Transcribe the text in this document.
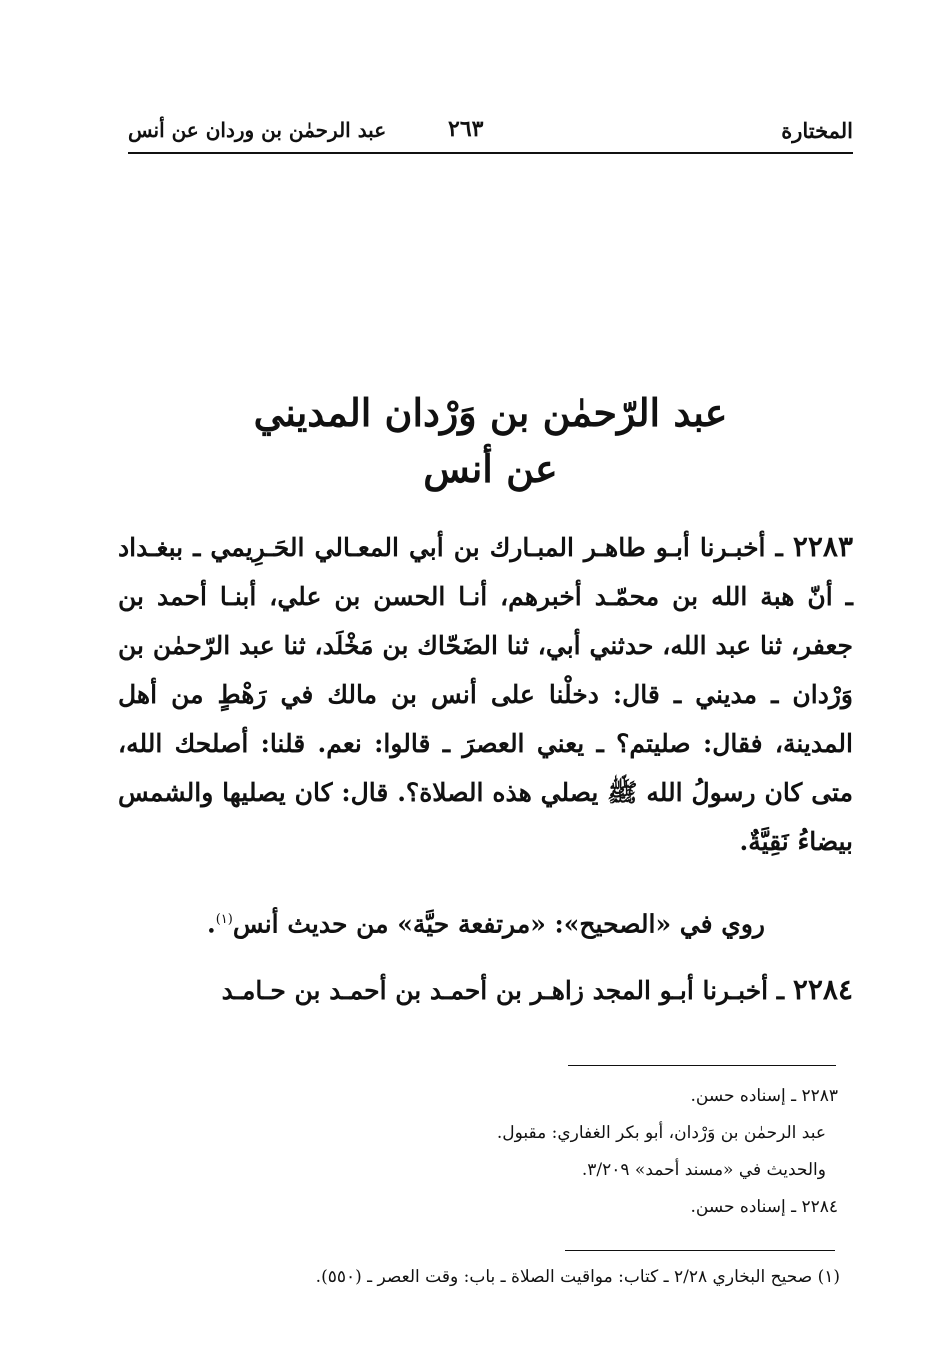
المختارة
٢٦٣
عبد الرحمٰن بن وردان عن أنس
عبد الرّحمٰن بن وَرْدان المديني
عن أنس
٢٢٨٣ ـ أخبـرنا أبـو طاهـر المبـارك بن أبي المعـالي الحَـرِيمي ـ ببغـداد ـ أنّ هبة الله بن محمّـد أخبرهم، أنـا الحسن بن علي، أبنـا أحمد بن جعفر، ثنا عبد الله، حدثني أبي، ثنا الضَحّاك بن مَخْلَد، ثنا عبد الرّحمٰن بن وَرْدان ـ مديني ـ قال: دخلْنا على أنس بن مالك في رَهْطٍ من أهل المدينة، فقال: صليتم؟ ـ يعني العصرَ ـ قالوا: نعم. قلنا: أصلحك الله، متى كان رسولُ الله ﷺ يصلي هذه الصلاة؟. قال: كان يصليها والشمس بيضاءُ نَقِيَّةٌ.
روي في «الصحيح»: «مرتفعة حيَّة» من حديث أنس$^{(١)}$.
٢٢٨٤ ـ أخبـرنا أبـو المجد زاهـر بن أحمـد بن أحمـد بن حـامـد
٢٢٨٣ ـ إسناده حسن.
عبد الرحمٰن بن وَرْدان، أبو بكر الغفاري: مقبول.
والحديث في «مسند أحمد» ٣/٢٠٩.
٢٢٨٤ ـ إسناده حسن.
(١) صحيح البخاري ٢/٢٨ ـ كتاب: مواقيت الصلاة ـ باب: وقت العصر ـ (٥٥٠).
